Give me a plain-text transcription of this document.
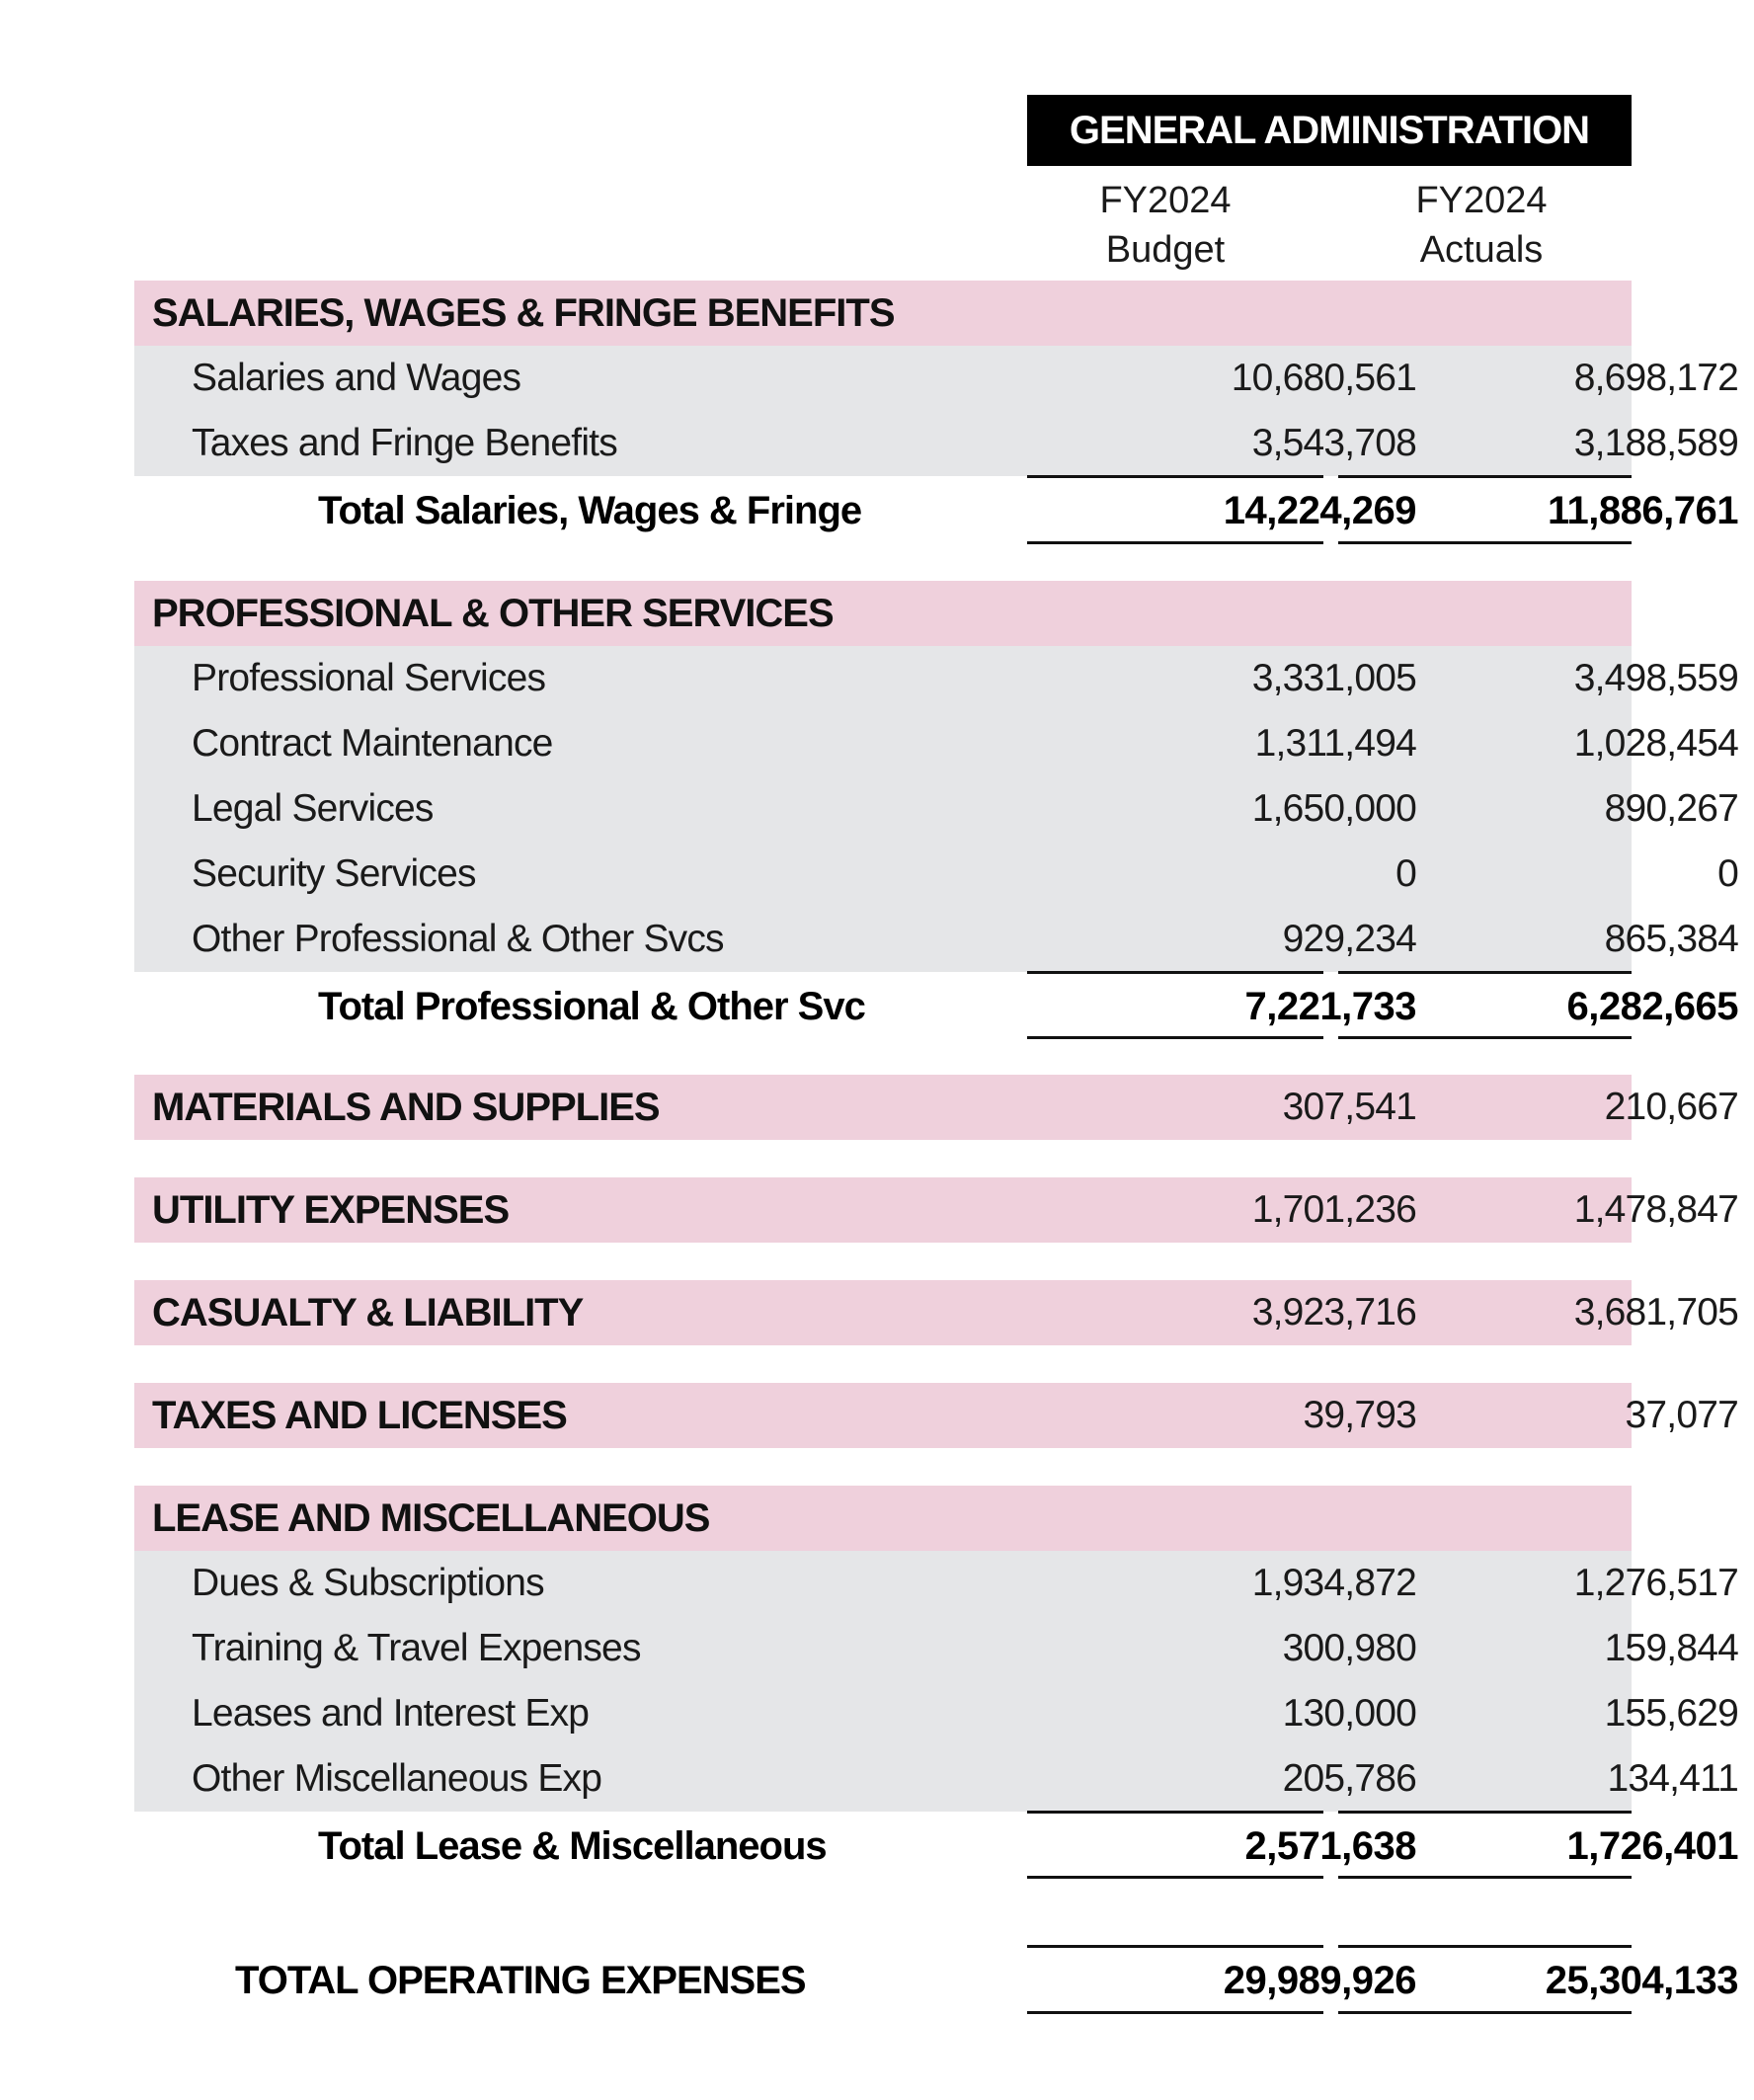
GENERAL ADMINISTRATION
FY2024
Budget
FY2024
Actuals
SALARIES, WAGES & FRINGE BENEFITS
Salaries and Wages	10,680,561	8,698,172
Taxes and Fringe Benefits	3,543,708	3,188,589
Total Salaries, Wages & Fringe	14,224,269	11,886,761
PROFESSIONAL & OTHER SERVICES
Professional Services	3,331,005	3,498,559
Contract Maintenance	1,311,494	1,028,454
Legal Services	1,650,000	890,267
Security Services	0	0
Other Professional & Other Svcs	929,234	865,384
Total Professional & Other Svc	7,221,733	6,282,665
MATERIALS AND SUPPLIES	307,541	210,667
UTILITY EXPENSES	1,701,236	1,478,847
CASUALTY & LIABILITY	3,923,716	3,681,705
TAXES AND LICENSES	39,793	37,077
LEASE AND MISCELLANEOUS
Dues & Subscriptions	1,934,872	1,276,517
Training & Travel Expenses	300,980	159,844
Leases and Interest Exp	130,000	155,629
Other Miscellaneous Exp	205,786	134,411
Total Lease & Miscellaneous	2,571,638	1,726,401
TOTAL OPERATING EXPENSES	29,989,926	25,304,133
